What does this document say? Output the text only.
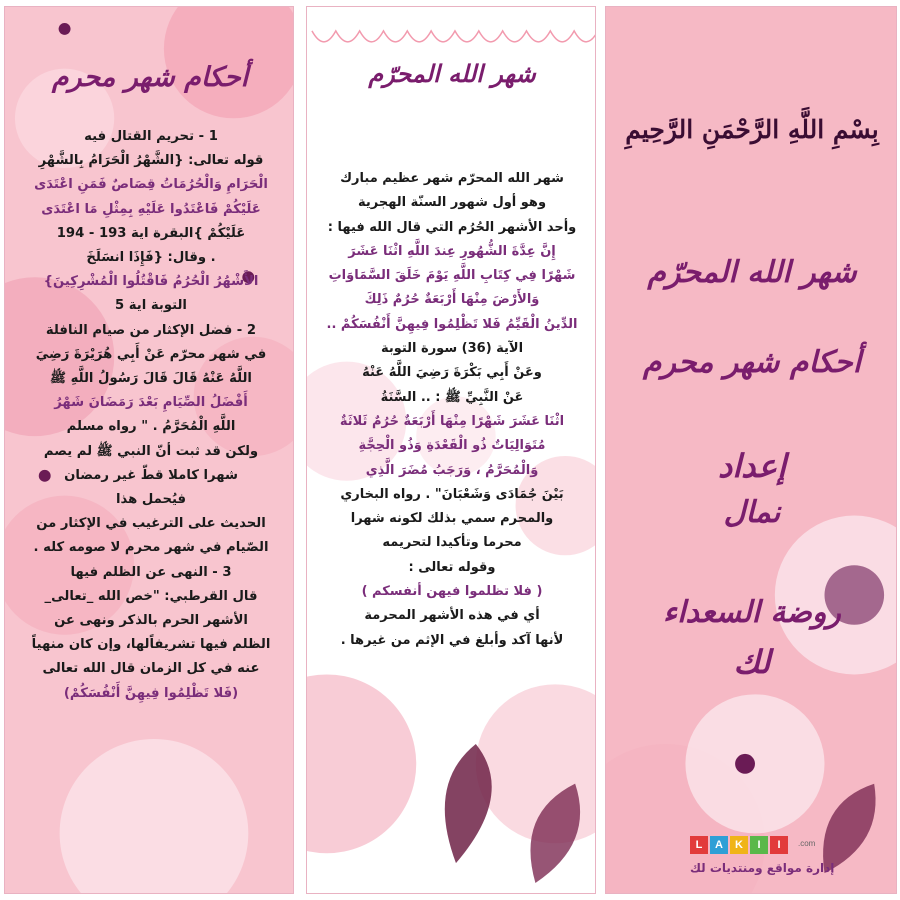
أحكام شهر محرم
1 - تحريم القتال فيه
قوله تعالى: {الشَّهْرُ الْحَرَامُ بِالشَّهْرِ
الْحَرَامِ وَالْحُرُمَاتُ قِصَاصٌ فَمَنِ اعْتَدَى
عَلَيْكُمْ فَاعْتَدُوا عَلَيْهِ بِمِثْلِ مَا اعْتَدَى
عَلَيْكُمْ }البقرة اية 193 - 194
. وقال: {فَإِذَا انسَلَخَ
الأَشْهُرُ الْحُرُمُ فَاقْتُلُوا الْمُشْرِكِينَ}
التوبة اية 5
2 - فضل الإكثار من صيام النافلة
في شهر محرّم عَنْ أَبِي هُرَيْرَةَ رَضِيَ
اللَّهُ عَنْهُ قَالَ قَالَ رَسُولُ اللَّهِ ﷺ
أَفْضَلُ الصِّيَامِ بَعْدَ رَمَضَانَ شَهْرُ
اللَّهِ الْمُحَرَّمُ . " رواه مسلم
ولكن قد ثبت أنّ النبي ﷺ لم يصم
شهرا كاملا قطّ غير رمضان
فيُحمل هذا
الحديث على الترغيب في الإكثار من
الصّيام في شهر محرم لا صومه كله .
3 - النهى عن الظلم فيها
قال القرطبي: "خص الله _تعالى_
الأشهر الحرم بالذكر ونهى عن
الظلم فيها تشريفاًلها، وإن كان منهياً
عنه في كل الزمان قال الله تعالى
(فَلا تَظْلِمُوا فِيهِنَّ أَنْفُسَكُمْ)
شهر الله المحرّم
شهر الله المحرّم شهر عظيم مبارك
وهو أول شهور السنّة الهجرية
وأحد الأشهر الحُرُم التي قال الله فيها :
إِنَّ عِدَّةَ الشُّهُورِ عِندَ اللَّهِ اثْنَا عَشَرَ
شَهْرًا فِي كِتَابِ اللَّهِ يَوْمَ خَلَقَ السَّمَاوَاتِ
وَالأَرْضَ مِنْهَا أَرْبَعَةٌ حُرُمٌ ذَلِكَ
الدِّينُ الْقَيِّمُ فَلا تَظْلِمُوا فِيهِنَّ أَنْفُسَكُمْ ..
الآية (36) سورة التوبة
وعَنْ أَبِي بَكْرَةَ رَضِيَ اللَّهُ عَنْهُ
عَنْ النَّبِيِّ ﷺ : .. السَّنَةُ
اثْنَا عَشَرَ شَهْرًا مِنْهَا أَرْبَعَةٌ حُرُمٌ ثَلاثَةٌ
مُتَوَالِيَاتٌ ذُو الْقَعْدَةِ وَذُو الْحِجَّةِ
وَالْمُحَرَّمُ ، وَرَجَبُ مُضَرَ الَّذِي
بَيْنَ جُمَادَى وَشَعْبَانَ" . رواه البخاري
والمحرم سمي بذلك لكونه شهرا
محرما وتأكيدا لتحريمه
وقوله تعالى :
( فلا تظلموا فيهن أنفسكم )
أي في هذه الأشهر المحرمة
لأنها آكد وأبلغ في الإثم من غيرها .
بِسْمِ اللَّهِ الرَّحْمَنِ الرَّحِيمِ
شهر الله المحرّم
أحكام شهر محرم
إعداد
نمال
روضة السعداء
لك
L A K I I	.com
إدارة مواقع ومنتديات لك
